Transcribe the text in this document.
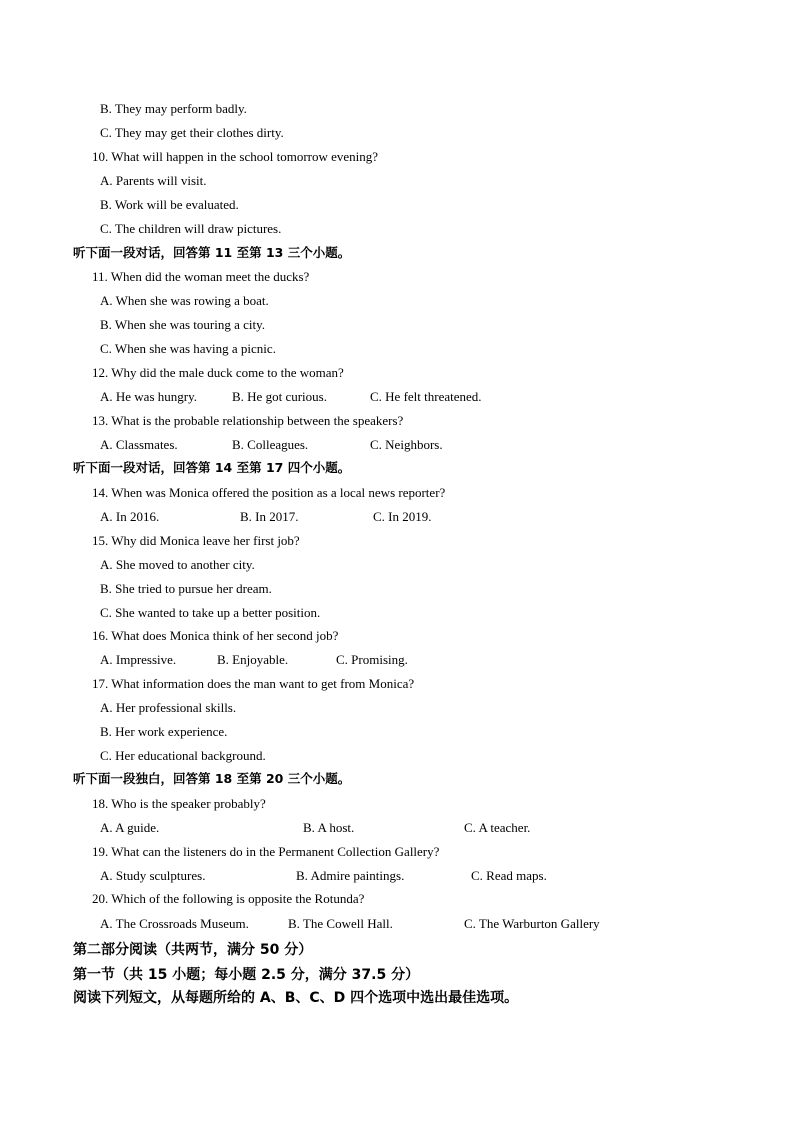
B. They may perform badly.
C. They may get their clothes dirty.
10. What will happen in the school tomorrow evening?
A. Parents will visit.
B. Work will be evaluated.
C. The children will draw pictures.
听下面一段对话，回答第 11 至第 13 三个小题。
11. When did the woman meet the ducks?
A. When she was rowing a boat.
B. When she was touring a city.
C. When she was having a picnic.
12. Why did the male duck come to the woman?
A. He was hungry.	B. He got curious.	C. He felt threatened.
13. What is the probable relationship between the speakers?
A. Classmates.	B. Colleagues.	C. Neighbors.
听下面一段对话，回答第 14 至第 17 四个小题。
14. When was Monica offered the position as a local news reporter?
A. In 2016.	B. In 2017.	C. In 2019.
15. Why did Monica leave her first job?
A. She moved to another city.
B. She tried to pursue her dream.
C. She wanted to take up a better position.
16. What does Monica think of her second job?
A. Impressive.	B. Enjoyable.	C. Promising.
17. What information does the man want to get from Monica?
A. Her professional skills.
B. Her work experience.
C. Her educational background.
听下面一段独白，回答第 18 至第 20 三个小题。
18. Who is the speaker probably?
A. A guide.	B. A host.	C. A teacher.
19. What can the listeners do in the Permanent Collection Gallery?
A. Study sculptures.	B. Admire paintings.	C. Read maps.
20. Which of the following is opposite the Rotunda?
A. The Crossroads Museum.	B. The Cowell Hall.	C. The Warburton Gallery
第二部分阅读（共两节，满分 50 分）
第一节（共 15 小题；每小题 2.5 分，满分 37.5 分）
阅读下列短文，从每题所给的 A、B、C、D 四个选项中选出最佳选项。
